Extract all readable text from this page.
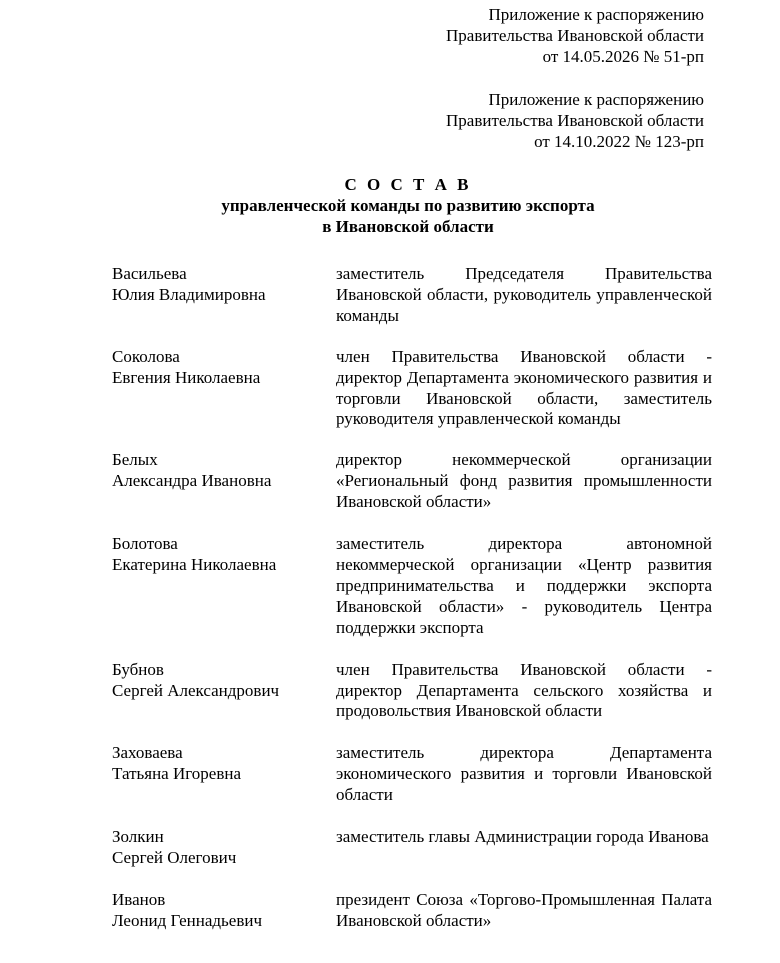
Приложение к распоряжению
Правительства Ивановской области
от 14.05.2026 № 51-рп
Приложение к распоряжению
Правительства Ивановской области
от 14.10.2022 № 123-рп
С О С Т А В
управленческой команды по развитию экспорта
в Ивановской области
Васильева
Юлия Владимировна
заместитель Председателя Правительства Ивановской области, руководитель управленческой команды
Соколова
Евгения Николаевна
член Правительства Ивановской области - директор Департамента экономического развития и торговли Ивановской области, заместитель руководителя управленческой команды
Белых
Александра Ивановна
директор некоммерческой организации «Региональный фонд развития промышленности Ивановской области»
Болотова
Екатерина Николаевна
заместитель директора автономной некоммерческой организации «Центр развития предпринимательства и поддержки экспорта Ивановской области» - руководитель Центра поддержки экспорта
Бубнов
Сергей Александрович
член Правительства Ивановской области - директор Департамента сельского хозяйства и продовольствия Ивановской области
Заховаева
Татьяна Игоревна
заместитель директора Департамента экономического развития и торговли Ивановской области
Золкин
Сергей Олегович
заместитель главы Администрации города Иванова
Иванов
Леонид Геннадьевич
президент Союза «Торгово-Промышленная Палата Ивановской области»
